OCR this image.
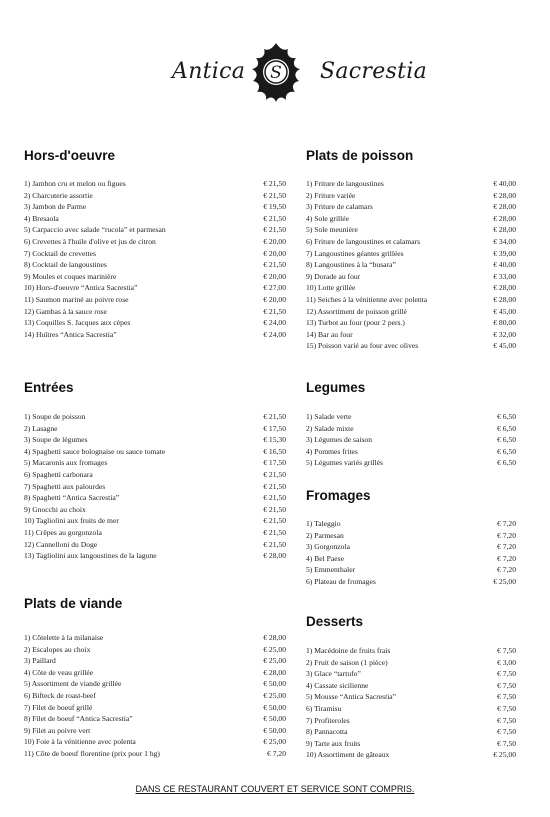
Antica S Sacrestia
Hors-d'oeuvre
1) Jambon cru et melon ou figues	€ 21,50
2) Charcuterie assortie	€ 21,50
3) Jambon de Parme	€ 19,50
4) Bresaola	€ 21,50
5) Carpaccio avec salade “rucola” et parmesan	€ 21,50
6) Crevettes à l'huile d'olive et jus de citron	€ 20,00
7) Cocktail de crevettes	€ 20,00
8) Cocktail de langoustines	€ 21,50
9) Moules et coques marinière	€ 20,00
10) Hors-d'oeuvre “Antica Sacrestia”	€ 27,00
11) Saumon mariné au poivre rose	€ 20,00
12) Gambas à la sauce rose	€ 21,50
13) Coquilles S. Jacques aux cèpes	€ 24,00
14) Huîtres “Antica Sacrestia”	€ 24,00
Entrées
1) Soupe de poisson	€ 21,50
2) Lasagne	€ 17,50
3) Soupe de légumes	€ 15,30
4) Spaghetti sauce bolognaise ou sauce tomate	€ 16,50
5) Macaronis aux fromages	€ 17,50
6) Spaghetti carbonara	€ 21,50
7) Spaghetti aux palourdes	€ 21,50
8) Spaghetti “Antica Sacrestia”	€ 21,50
9) Gnocchi au choix	€ 21,50
10) Tagliolini aux fruits de mer	€ 21,50
11) Crêpes au gorgonzola	€ 21,50
12) Cannelloni du Doge	€ 21,50
13) Tagliolini aux langoustines de la lagune	€ 28,00
Plats de viande
1) Côtelette à la milanaise	€ 28,00
2) Escalopes au choix	€ 25,00
3) Paillard	€ 25,00
4) Côte de veau grillée	€ 28,00
5) Assortiment de viande grillée	€ 50,00
6) Bifteck de roast-beef	€ 25,00
7) Filet de boeuf grillé	€ 50,00
8) Filet de boeuf “Antica Sacrestia”	€ 50,00
9) Filet au poivre vert	€ 50,00
10) Foie à la vénitienne avec polenta	€ 25,00
11) Côte de boeuf florentine (prix pour 1 hg)	€ 7,20
Plats de poisson
1) Friture de langoustines	€ 40,00
2) Friture variée	€ 28,00
3) Friture de calamars	€ 28,00
4) Sole grillée	€ 28,00
5) Sole meunière	€ 28,00
6) Friture de langoustines et calamars	€ 34,00
7) Langoustines géantes grillées	€ 39,00
8) Langoustines à la “busara”	€ 40,00
9) Dorade au four	€ 33,00
10) Lotte grillée	€ 28,00
11) Seiches à la vénitienne avec polenta	€ 28,00
12) Assortiment de poisson grillé	€ 45,00
13) Turbot au four (pour 2 pers.)	€ 80,00
14) Bar au four	€ 32,00
15) Poisson varié au four avec olives	€ 45,00
Legumes
1) Salade verte	€ 6,50
2) Salade mixte	€ 6,50
3) Légumes de saison	€ 6,50
4) Pommes frites	€ 6,50
5) Légumes variés grillés	€ 6,50
Fromages
1) Taleggio	€ 7,20
2) Parmesan	€ 7,20
3) Gorgonzola	€ 7,20
4) Bel Paese	€ 7,20
5) Emmenthaler	€ 7,20
6) Plateau de fromages	€ 25,00
Desserts
1) Macédoine de fruits frais	€ 7,50
2) Fruit de saison (1 pièce)	€ 3,00
3) Glace “tartufo”	€ 7,50
4) Cassate sicilienne	€ 7,50
5) Mousse “Antica Sacrestia”	€ 7,50
6) Tiramisu	€ 7,50
7) Profiteroles	€ 7,50
8) Pannacotta	€ 7,50
9) Tarte aux fruits	€ 7,50
10) Assortiment de gâteaux	€ 25,00
DANS CE RESTAURANT COUVERT ET SERVICE SONT COMPRIS.
